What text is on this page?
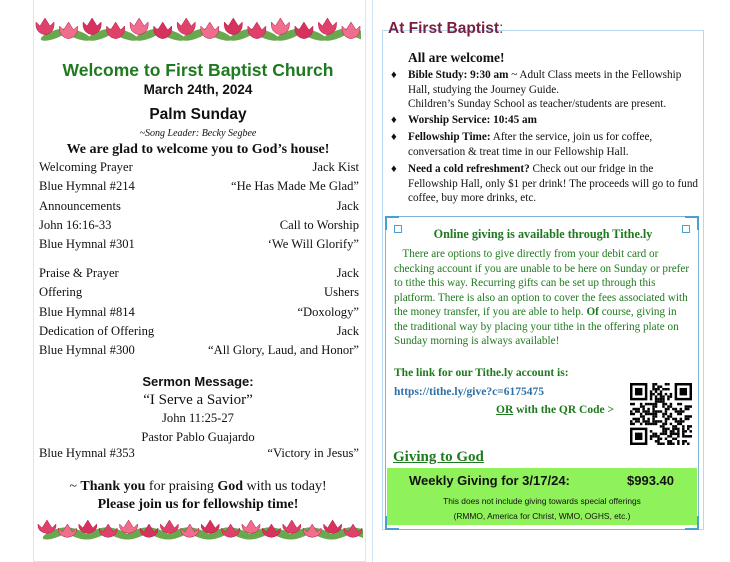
Welcome to First Baptist Church
March 24th, 2024
Palm Sunday
~Song Leader: Becky Segbee
We are glad to welcome you to God’s house!
Welcoming Prayer	Jack Kist
Blue Hymnal #214	“He Has Made Me Glad”
Announcements	Jack
John 16:16-33	Call to Worship
Blue Hymnal #301	‘We Will Glorify”
Praise & Prayer	Jack
Offering	Ushers
Blue Hymnal #814	“Doxology”
Dedication of Offering	Jack
Blue Hymnal #300	“All Glory, Laud, and Honor”
Sermon Message:
“I Serve a Savior”
John 11:25-27
Pastor Pablo Guajardo
Blue Hymnal #353	“Victory in Jesus”
~ Thank you for praising God with us today!
Please join us for fellowship time!
At First Baptist:
All are welcome!
♦	Bible Study: 9:30 am ~ Adult Class meets in the Fellowship Hall, studying the Journey Guide.
Children’s Sunday School as teacher/students are present.
♦	Worship Service: 10:45 am
♦	Fellowship Time: After the service, join us for coffee, conversation & treat time in our Fellowship Hall.
♦	Need a cold refreshment? Check out our fridge in the Fellowship Hall, only $1 per drink! The proceeds will go to fund coffee, buy more drinks, etc.
Online giving is available through Tithe.ly
There are options to give directly from your debit card or checking account if you are unable to be here on Sunday or prefer to tithe this way. Recurring gifts can be set up through this platform. There is also an option to cover the fees associated with the money transfer, if you are able to help. Of course, giving in the traditional way by placing your tithe in the offering plate on Sunday morning is always available!
The link for our Tithe.ly account is:
https://tithe.ly/give?c=6175475
OR with the QR Code >
Giving to God
Weekly Giving for 3/17/24:	$993.40
This does not include giving towards special offerings
(RMMO, America for Christ, WMO, OGHS, etc.)
